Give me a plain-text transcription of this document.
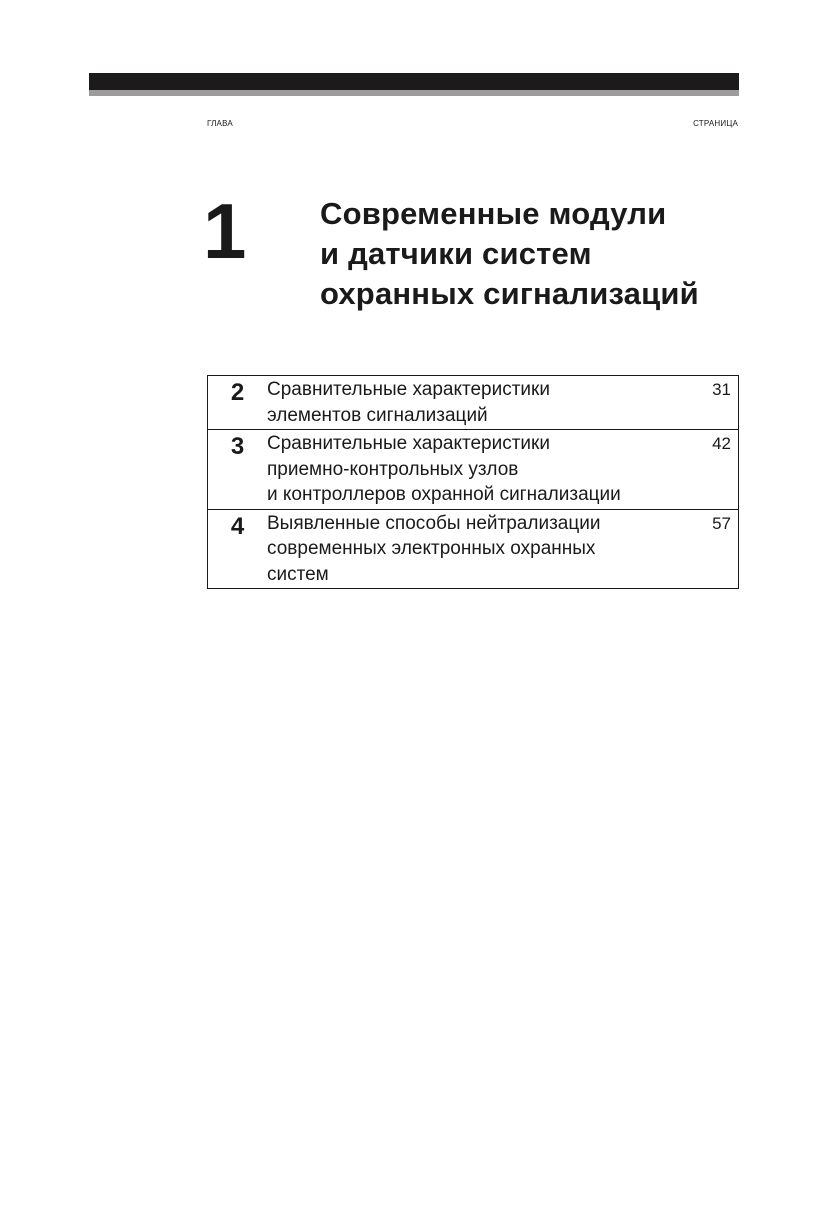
ГЛАВА	СТРАНИЦА
1 Современные модули
и датчики систем
охранных сигнализаций
2	Сравнительные характеристики
элементов сигнализаций	31
3	Сравнительные характеристики
приемно-контрольных узлов
и контроллеров охранной сигнализации	42
4	Выявленные способы нейтрализации
современных электронных охранных
систем	57
